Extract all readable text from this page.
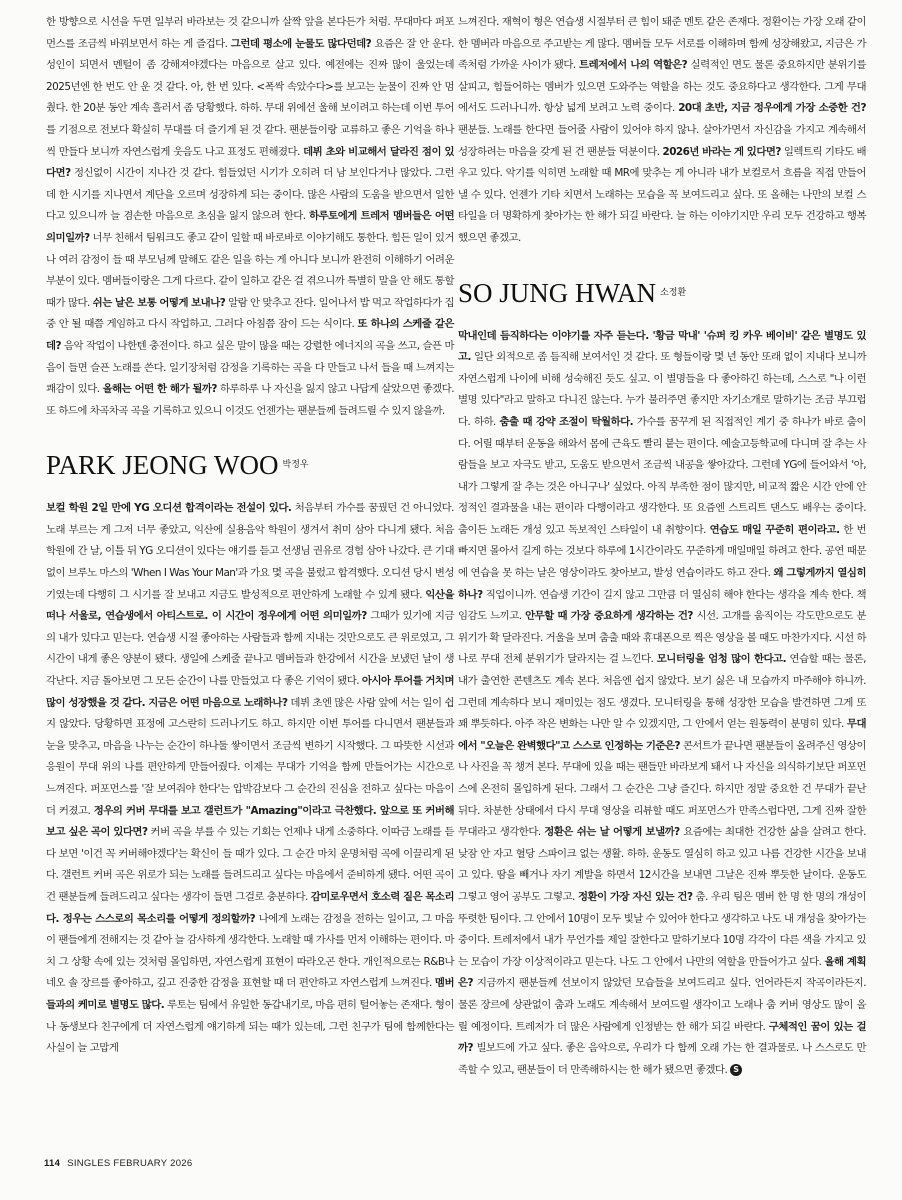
한 방향으로 시선을 두면 일부러 바라보는 것 같으니까 살짝 앞을 본다든가 처럼. 무대마다 퍼포먼스를 조금씩 바꿔보면서 하는 게 즐겁다. 그런데 평소에 눈물도 많다던데? 요즘은 잘 안 운다. 성인이 되면서 멘털이 좀 강해져야겠다는 마음으로 살고 있다. 예전에는 진짜 많이 울었는데 2025년엔 한 번도 안 운 것 같다. 아, 한 번 있다. <폭싹 속았수다>를 보고는 눈물이 진짜 안 멈췄다. 한 20분 동안 계속 흘러서 좀 당황했다. 하하. 무대 위에선 울해 보이려고 하는데 이번 투어를 기점으로 전보다 확실히 무대를 더 즐기게 된 것 같다. 팬분들이랑 교류하고 좋은 기억을 하나씩 만들다 보니까 자연스럽게 웃음도 나고 표정도 편해졌다. 데뷔 초와 비교해서 달라진 점이 있다면? 정신없이 시간이 지나간 것 같다. 힘들었던 시기가 오히려 더 남 보인다거나 많았다. 그런데 한 시기를 지나면서 계단을 오르며 성장하게 되는 중이다. 많은 사람의 도움을 받으면서 일한다고 있으니까 늘 겸손한 마음으로 초심을 잃지 않으려 한다. 하루토에게 트레저 멤버들은 어떤 의미일까? 너무 친해서 팀워크도 좋고 같이 일할 때 바로바로 이야기해도 통한다. 힘든 일이 있거나 여러 감정이 들 때 부모님께 말해도 같은 일을 하는 게 아니다 보니까 완전히 이해하기 어려운 부분이 있다. 멤버들이랑은 그게 다르다. 같이 일하고 같은 걸 겪으니까 특별히 말을 안 해도 통할 때가 많다. 쉬는 날은 보통 어떻게 보내나? 알람 안 맞추고 잔다. 일어나서 밥 먹고 작업하다가 집중 안 될 때쯤 게임하고 다시 작업하고. 그러다 아침쯤 잠이 드는 식이다. 또 하나의 스케줄 같은데? 음악 작업이 나한텐 충전이다. 하고 싶은 말이 많을 때는 강렬한 에너지의 곡을 쓰고, 슬픈 마음이 들면 슬픈 노래를 쓴다. 일기장처럼 감정을 기록하는 곡을 다 만들고 나서 들을 때 느껴지는 쾌감이 있다. 올해는 어떤 한 해가 될까? 하루하루 나 자신을 잃지 않고 나답게 살았으면 좋겠다. 또 하드에 차곡차곡 곡을 기록하고 있으니 이것도 언젠가는 팬분들께 들려드릴 수 있지 않을까.

PARK JEONG WOO $^{박정우}$

보컬 학원 2일 만에 YG 오디션 합격이라는 전설이 있다. 처음부터 가수를 꿈꿨던 건 아니었다. 노래 부르는 게 그저 너무 좋았고, 익산에 실용음악 학원이 생겨서 취미 삼아 다니게 됐다. 처음 학원에 간 날, 이틀 뒤 YG 오디션이 있다는 얘기를 듣고 선생님 권유로 경험 삼아 나갔다. 큰 기대 없이 브루노 마스의 'When I Was Your Man'과 가요 몇 곡을 불렀고 합격했다. 오디션 당시 변성기였는데 다행히 그 시기를 잘 보내고 지금도 발성적으로 편안하게 노래할 수 있게 됐다. 익산을 떠나 서울로, 연습생에서 아티스트로. 이 시간이 정우에게 어떤 의미일까? 그때가 있기에 지금의 내가 있다고 믿는다. 연습생 시절 좋아하는 사람들과 함께 지내는 것만으로도 큰 위로였고, 그 시간이 내게 좋은 양분이 됐다. 생일에 스케줄 끝나고 멤버들과 한강에서 시간을 보냈던 날이 생각난다. 지금 돌아보면 그 모든 순간이 나를 만들었고 다 좋은 기억이 됐다. 아시아 투어를 거치며 많이 성장했을 것 같다. 지금은 어떤 마음으로 노래하나? 데뷔 초엔 많은 사람 앞에 서는 일이 쉽지 않았다. 당황하면 표정에 고스란히 드러나기도 하고. 하지만 이번 투어를 다니면서 팬분들과 눈을 맞추고, 마음을 나누는 순간이 하나둘 쌓이면서 조금씩 변하기 시작했다. 그 따뜻한 시선과 응원이 무대 위의 나를 편안하게 만들어줬다. 이제는 무대가 기억을 함께 만들어가는 시간으로 느껴진다. 퍼포먼스를 '잘 보여줘야 한다'는 압박감보다 그 순간의 진심을 전하고 싶다는 마음이 더 커졌고. 정우의 커버 무대를 보고 갤런트가 "Amazing"이라고 극찬했다. 앞으로 또 커버해보고 싶은 곡이 있다면? 커버 곡을 부를 수 있는 기회는 언제나 내게 소중하다. 이따금 노래를 듣다 보면 '이건 꼭 커버해야겠다'는 확신이 들 때가 있다. 그 순간 마치 운명처럼 곡에 이끌리게 된다. 갤런트 커버 곡은 위로가 되는 노래를 들려드리고 싶다는 마음에서 준비하게 됐다. 어떤 곡이건 팬분들께 들려드리고 싶다는 생각이 들면 그걸로 충분하다. 감미로우면서 호소력 짙은 목소리다. 정우는 스스로의 목소리를 어떻게 정의할까? 나에게 노래는 감정을 전하는 일이고, 그 마음이 팬들에게 전해지는 것 같아 늘 감사하게 생각한다. 노래할 때 가사를 먼저 이해하는 편이다. 마치 그 상황 속에 있는 것처럼 몰입하면, 자연스럽게 표현이 따라오곤 한다. 개인적으로는 R&B나 네오 솔 장르를 좋아하고, 깊고 진중한 감정을 표현할 때 더 편안하고 자연스럽게 느껴진다. 멤버들과의 케미로 별명도 많다. 루토는 팀에서 유일한 동갑내기로, 마음 편히 털어놓는 존재다. 형이나 동생보다 친구에게 더 자연스럽게 얘기하게 되는 때가 있는데, 그런 친구가 팀에 함께한다는 사실이 늘 고맙게

느껴진다. 재혁이 형은 연습생 시절부터 큰 힘이 돼준 멘토 같은 존재다. 정환이는 가장 오래 같이한 멤버라 마음으로 주고받는 게 많다. 멤버들 모두 서로를 이해하며 함께 성장해왔고, 지금은 가족처럼 가까운 사이가 됐다. 트레저에서 나의 역할은? 실력적인 면도 물론 중요하지만 분위기를 살피고, 힘들어하는 멤버가 있으면 도와주는 역할을 하는 것도 중요하다고 생각한다. 그게 무대에서도 드러나니까. 항상 넓게 보려고 노력 중이다. 20대 초반, 지금 정우에게 가장 소중한 건? 팬분들. 노래를 한다면 들어줄 사람이 있어야 하지 않나. 살아가면서 자신감을 가지고 계속해서 성장하려는 마음을 갖게 된 건 팬분들 덕분이다. 2026년 바라는 게 있다면? 일렉트릭 기타도 배우고 있다. 악기를 익히면 노래할 때 MR에 맞추는 게 아니라 내가 보컬로서 흐름을 직접 만들어낼 수 있다. 언젠가 기타 치면서 노래하는 모습을 꼭 보여드리고 싶다. 또 올해는 나만의 보컬 스타일을 더 명확하게 찾아가는 한 해가 되길 바란다. 늘 하는 이야기지만 우리 모두 건강하고 행복했으면 좋겠고.

SO JUNG HWAN $^{소정환}$

막내인데 듬직하다는 이야기를 자주 듣는다. '황금 막내' '슈퍼 킹 카우 베이비' 같은 별명도 있고. 일단 외적으로 좀 듬직해 보여서인 것 같다. 또 형들이랑 몇 년 동안 또래 없이 지내다 보니까 자연스럽게 나이에 비해 성숙해진 듯도 싶고. 이 별명들을 다 좋아하긴 하는데, 스스로 "나 이런 별명 있다"라고 말하고 다니진 않는다. 누가 불러주면 좋지만 자기소개로 말하기는 조금 부끄럽다. 하하. 춤출 때 강약 조절이 탁월하다. 가수를 꿈꾸게 된 직접적인 계기 중 하나가 바로 춤이다. 어릴 때부터 운동을 해와서 몸에 근육도 빨리 붙는 편이다. 예술고등학교에 다니며 잘 추는 사람들을 보고 자극도 받고, 도움도 받으면서 조금씩 내공을 쌓아갔다. 그런데 YG에 들어와서 '아, 내가 그렇게 잘 추는 것은 아니구나' 싶었다. 아직 부족한 점이 많지만, 비교적 짧은 시간 안에 안정적인 결과물을 내는 편이라 다행이라고 생각한다. 또 요즘엔 스트리트 댄스도 배우는 중이다. 춤이든 노래든 개성 있고 독보적인 스타일이 내 취향이다. 연습도 매일 꾸준히 편이라고. 한 번 빠지면 몰아서 길게 하는 것보다 하루에 1시간이라도 꾸준하게 매일매일 하려고 한다. 공연 때문에 연습을 못 하는 날은 영상이라도 찾아보고, 발성 연습이라도 하고 잔다. 왜 그렇게까지 열심히 하나? 직업이니까. 연습생 기간이 길지 않고 그만큼 더 열심히 해야 한다는 생각을 계속 한다. 책임감도 느끼고. 안무할 때 가장 중요하게 생각하는 건? 시선. 고개를 움직이는 각도만으로도 분위기가 확 달라진다. 거울을 보며 춤출 때와 휴대폰으로 찍은 영상을 볼 때도 마찬가지다. 시선 하나로 무대 전체 분위기가 달라지는 걸 느낀다. 모니터링을 엄청 많이 한다고. 연습할 때는 물론, 내가 출연한 콘텐츠도 계속 본다. 처음엔 쉽지 않았다. 보기 싫은 내 모습까지 마주해야 하니까. 그런데 계속하다 보니 재미있는 점도 생겼다. 모니터링을 통해 성장한 모습을 발견하면 그게 또 꽤 뿌듯하다. 아주 작은 변화는 나만 알 수 있겠지만, 그 안에서 얻는 원동력이 분명히 있다. 무대에서 "오늘은 완벽했다"고 스스로 인정하는 기준은? 콘서트가 끝나면 팬분들이 올려주신 영상이나 사진을 꼭 챙겨 본다. 무대에 있을 때는 팬들만 바라보게 돼서 나 자신을 의식하기보단 퍼포먼스에 온전히 몰입하게 된다. 그래서 그 순간은 그냥 즐긴다. 하지만 정말 중요한 건 무대가 끝난 뒤다. 차분한 상태에서 다시 무대 영상을 리뷰할 때도 퍼포먼스가 만족스럽다면, 그게 진짜 잘한 무대라고 생각한다. 정환은 쉬는 날 어떻게 보낼까? 요즘에는 최대한 건강한 삶을 살려고 한다. 낮잠 안 자고 혈당 스파이크 없는 생활. 하하. 운동도 열심히 하고 있고 나름 건강한 시간을 보내고 있다. 땀을 빼거나 자기 계발을 하면서 12시간을 보내면 그날은 진짜 뿌듯한 날이다. 운동도 그렇고 영어 공부도 그렇고. 정환이 가장 자신 있는 건? 춤. 우리 팀은 멤버 한 명 한 명의 개성이 뚜렷한 팀이다. 그 안에서 10명이 모두 빛날 수 있어야 한다고 생각하고 나도 내 개성을 찾아가는 중이다. 트레저에서 내가 무언가를 제일 잘한다고 말하기보다 10명 각각이 다른 색을 가지고 있는 모습이 가장 이상적이라고 믿는다. 나도 그 안에서 나만의 역할을 만들어가고 싶다. 올해 계획은? 지금까지 팬분들께 선보이지 않았던 모습들을 보여드리고 싶다. 언어라든지 작곡이라든지. 물론 장르에 상관없이 춤과 노래도 계속해서 보여드릴 생각이고 노래나 춤 커버 영상도 많이 올릴 예정이다. 트레저가 더 많은 사람에게 인정받는 한 해가 되길 바란다. 구체적인 꿈이 있는 걸까? 빌보드에 가고 싶다. 좋은 음악으로, 우리가 다 함께 오래 가는 한 결과물로. 나 스스로도 만족할 수 있고, 팬분들이 더 만족해하시는 한 해가 됐으면 좋겠다. S

114 SINGLES FEBRUARY 2026
